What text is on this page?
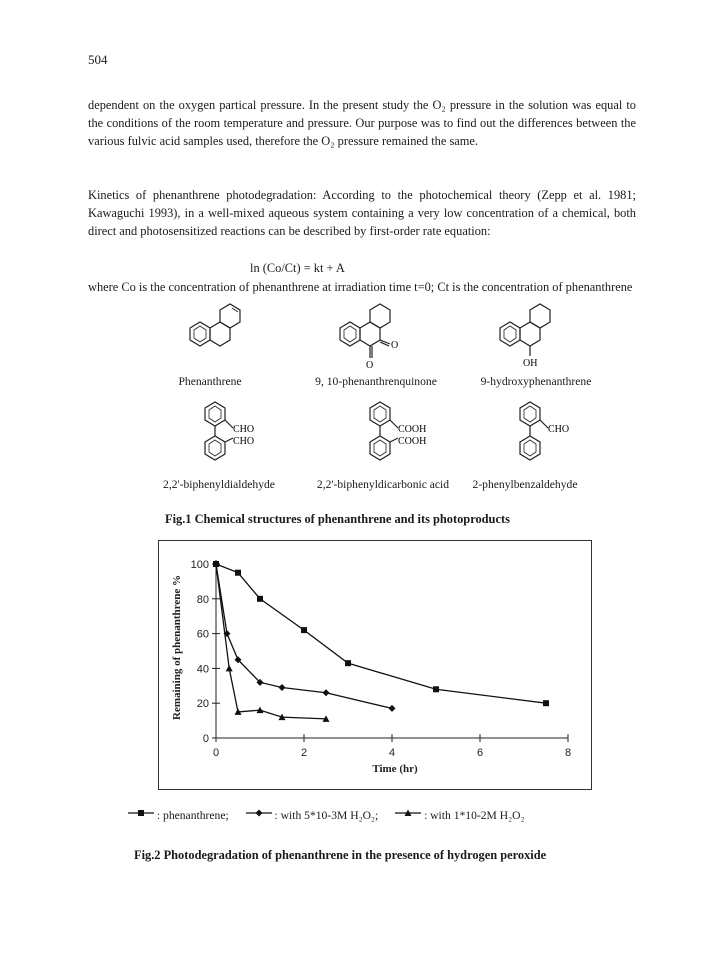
504

dependent on the oxygen partical pressure. In the present study the O₂ pressure in the solution was equal to the conditions of the room temperature and pressure. Our purpose was to find out the differences between the various fulvic acid samples used, therefore the O₂ pressure remained the same.

Kinetics of phenanthrene photodegradation: According to the photochemical theory (Zepp et al. 1981; Kawaguchi 1993), in a well-mixed aqueous system containing a very low concentration of a chemical, both direct and photosensitized reactions can be described by first-order rate equation:

ln (Co/Ct) = kt + A
where Co is the concentration of phenanthrene at irradiation time t=0; Ct is the concentration of phenanthrene
O
O
OH
Phenanthrene	9, 10-phenanthrenquinone	9-hydroxyphenanthrene
CHO
CHO
COOH
COOH
CHO
2,2'-biphenyldialdehyde	2,2'-biphenyldicarbonic acid 2-phenylbenzaldehyde
Fig.1 Chemical structures of phenanthrene and its photoproducts
0
20
40
60
80
100
0	2	4	6	8
Remaining of phenanthrene %
Time (hr)
: phenanthrene;	: with 5*10-3M H₂O₂;	: with 1*10-2M H₂O₂
Fig.2 Photodegradation of phenanthrene in the presence of hydrogen peroxide
